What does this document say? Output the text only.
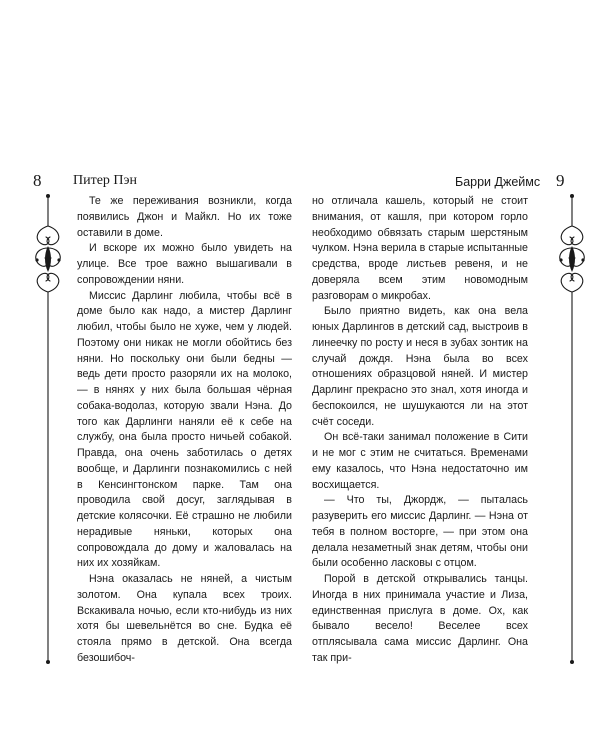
8 Питер Пэн

Те же переживания возникли, когда появились Джон и Майкл. Но их тоже оставили в доме.

И вскоре их можно было увидеть на улице. Все трое важно вышагивали в сопровождении няни.

Миссис Дарлинг любила, чтобы всё в доме было как надо, а мистер Дарлинг любил, чтобы было не хуже, чем у людей. Поэтому они никак не могли обойтись без няни. Но поскольку они были бедны — ведь дети просто разоряли их на молоко, — в нянях у них была большая чёрная собака-водолаз, которую звали Нэна. До того как Дарлинги наняли её к себе на службу, она была просто ничьей собакой. Правда, она очень заботилась о детях вообще, и Дарлинги познакомились с ней в Кенсингтонском парке. Там она проводила свой досуг, заглядывая в детские колясочки. Её страшно не любили нерадивые няньки, которых она сопровождала до дому и жаловалась на них их хозяйкам.

Нэна оказалась не няней, а чистым золотом. Она купала всех троих. Вскакивала ночью, если кто-нибудь из них хотя бы шевельнётся во сне. Будка её стояла прямо в детской. Она всегда безошибоч-

Барри Джеймс 9

но отличала кашель, который не стоит внимания, от кашля, при котором горло необходимо обвязать старым шерстяным чулком. Нэна верила в старые испытанные средства, вроде листьев ревеня, и не доверяла всем этим новомодным разговорам о микробах.

Было приятно видеть, как она вела юных Дарлингов в детский сад, выстроив в линеечку по росту и неся в зубах зонтик на случай дождя. Нэна была во всех отношениях образцовой няней. И мистер Дарлинг прекрасно это знал, хотя иногда и беспокоился, не шушукаются ли на этот счёт соседи.

Он всё-таки занимал положение в Сити и не мог с этим не считаться. Временами ему казалось, что Нэна недостаточно им восхищается.

— Что ты, Джордж, — пыталась разуверить его миссис Дарлинг. — Нэна от тебя в полном восторге, — при этом она делала незаметный знак детям, чтобы они были особенно ласковы с отцом.

Порой в детской открывались танцы. Иногда в них принимала участие и Лиза, единственная прислуга в доме. Ох, как бывало весело! Веселее всех отплясывала сама миссис Дарлинг. Она так при-
